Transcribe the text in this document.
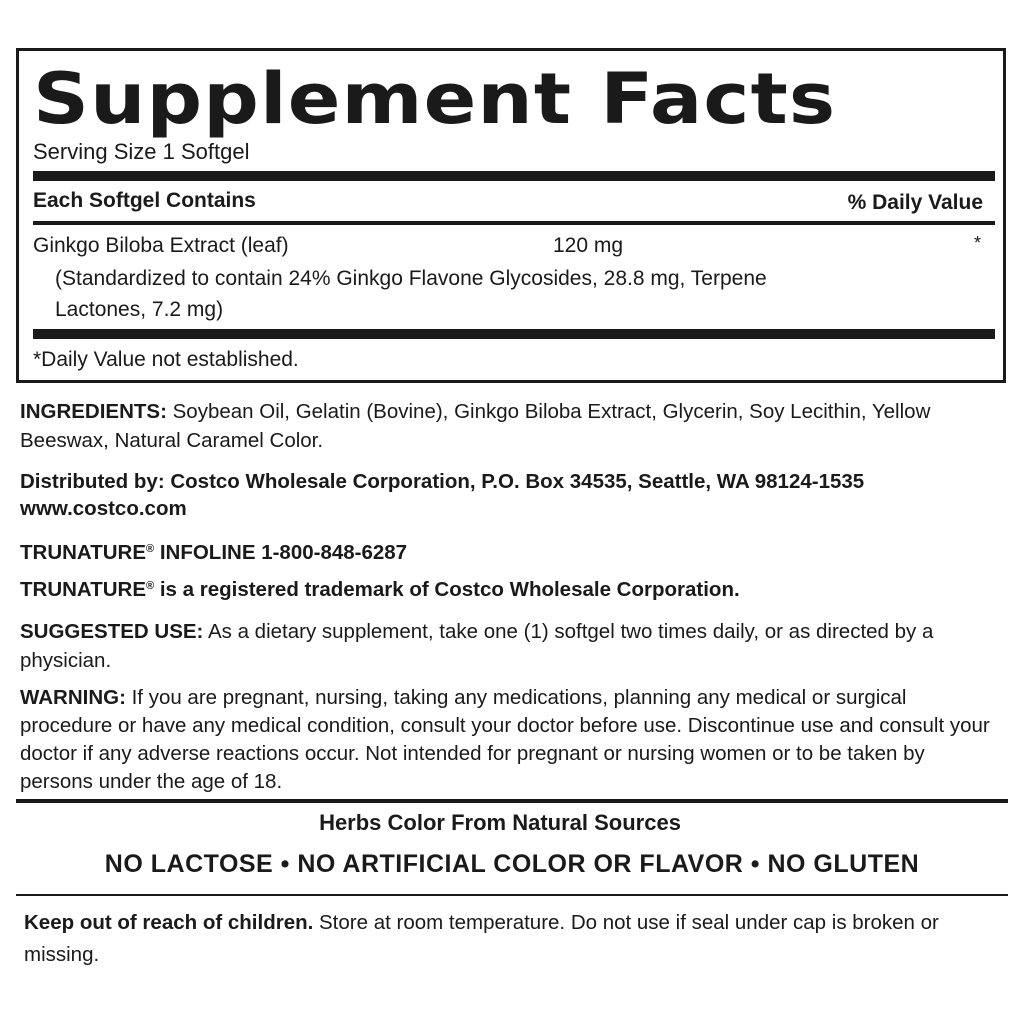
Supplement Facts
Serving Size 1 Softgel
Each Softgel Contains	% Daily Value
Ginkgo Biloba Extract (leaf)	120 mg	*
(Standardized to contain 24% Ginkgo Flavone Glycosides, 28.8 mg, Terpene Lactones, 7.2 mg)
*Daily Value not established.
INGREDIENTS: Soybean Oil, Gelatin (Bovine), Ginkgo Biloba Extract, Glycerin, Soy Lecithin, Yellow Beeswax, Natural Caramel Color.
Distributed by: Costco Wholesale Corporation, P.O. Box 34535, Seattle, WA 98124-1535
www.costco.com
TRUNATURE® INFOLINE 1-800-848-6287
TRUNATURE® is a registered trademark of Costco Wholesale Corporation.
SUGGESTED USE: As a dietary supplement, take one (1) softgel two times daily, or as directed by a physician.
WARNING: If you are pregnant, nursing, taking any medications, planning any medical or surgical procedure or have any medical condition, consult your doctor before use. Discontinue use and consult your doctor if any adverse reactions occur. Not intended for pregnant or nursing women or to be taken by persons under the age of 18.
Herbs Color From Natural Sources
NO LACTOSE • NO ARTIFICIAL COLOR OR FLAVOR • NO GLUTEN
Keep out of reach of children. Store at room temperature. Do not use if seal under cap is broken or missing.
